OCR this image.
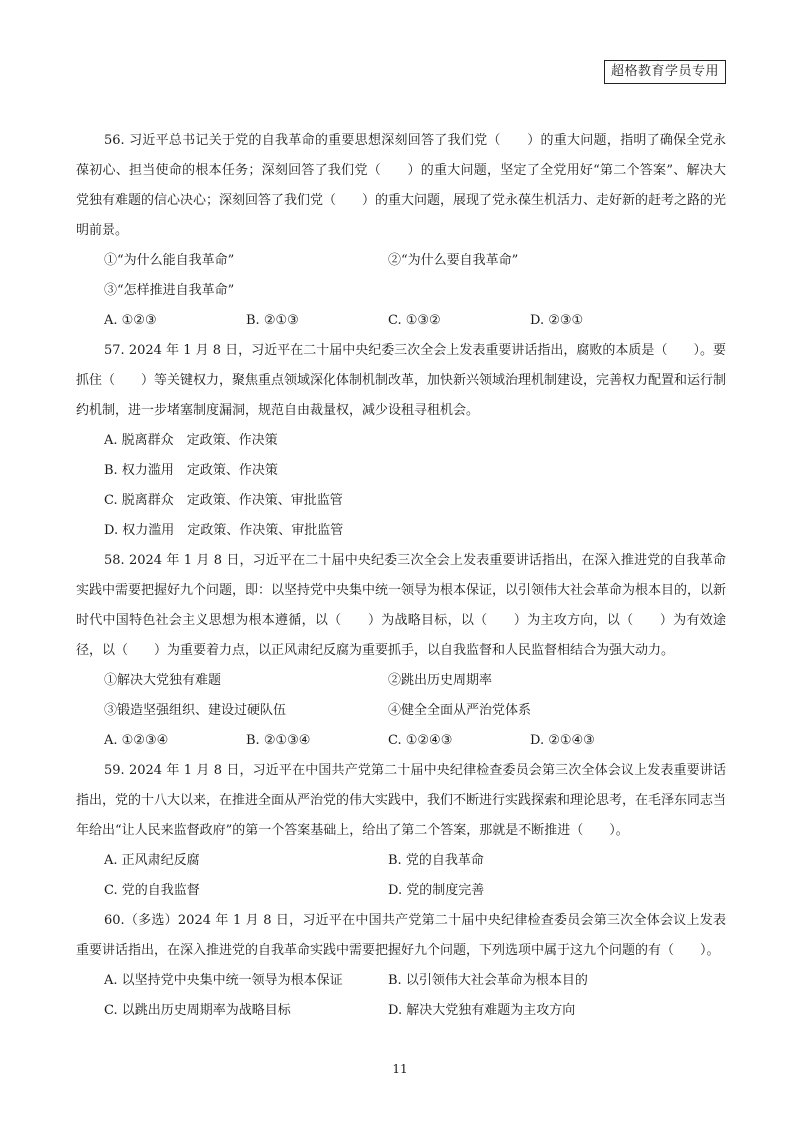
超格教育学员专用

56. 习近平总书记关于党的自我革命的重要思想深刻回答了我们党（　　）的重大问题，指明了确保全党永葆初心、担当使命的根本任务；深刻回答了我们党（　　）的重大问题，坚定了全党用好“第二个答案”、解决大党独有难题的信心决心；深刻回答了我们党（　　）的重大问题，展现了党永葆生机活力、走好新的赶考之路的光明前景。

①“为什么能自我革命”	②“为什么要自我革命”
③“怎样推进自我革命”
A. ①②③	B. ②①③	C. ①③②	D. ②③①

57. 2024 年 1 月 8 日，习近平在二十届中央纪委三次全会上发表重要讲话指出，腐败的本质是（　　）。要抓住（　　）等关键权力，聚焦重点领域深化体制机制改革，加快新兴领域治理机制建设，完善权力配置和运行制约机制，进一步堵塞制度漏洞，规范自由裁量权，减少设租寻租机会。

A. 脱离群众　定政策、作决策
B. 权力滥用　定政策、作决策
C. 脱离群众　定政策、作决策、审批监管
D. 权力滥用　定政策、作决策、审批监管

58. 2024 年 1 月 8 日，习近平在二十届中央纪委三次全会上发表重要讲话指出，在深入推进党的自我革命实践中需要把握好九个问题，即：以坚持党中央集中统一领导为根本保证，以引领伟大社会革命为根本目的，以新时代中国特色社会主义思想为根本遵循，以（　　）为战略目标，以（　　）为主攻方向，以（　　）为有效途径，以（　　）为重要着力点，以正风肃纪反腐为重要抓手，以自我监督和人民监督相结合为强大动力。

①解决大党独有难题	②跳出历史周期率
③锻造坚强组织、建设过硬队伍	④健全全面从严治党体系
A. ①②③④	B. ②①③④	C. ①②④③	D. ②①④③

59. 2024 年 1 月 8 日，习近平在中国共产党第二十届中央纪律检查委员会第三次全体会议上发表重要讲话指出，党的十八大以来，在推进全面从严治党的伟大实践中，我们不断进行实践探索和理论思考，在毛泽东同志当年给出“让人民来监督政府”的第一个答案基础上，给出了第二个答案，那就是不断推进（　　）。

A. 正风肃纪反腐	B. 党的自我革命
C. 党的自我监督	D. 党的制度完善

60.（多选）2024 年 1 月 8 日，习近平在中国共产党第二十届中央纪律检查委员会第三次全体会议上发表重要讲话指出，在深入推进党的自我革命实践中需要把握好九个问题，下列选项中属于这九个问题的有（　　）。

A. 以坚持党中央集中统一领导为根本保证	B. 以引领伟大社会革命为根本目的
C. 以跳出历史周期率为战略目标	D. 解决大党独有难题为主攻方向
11
